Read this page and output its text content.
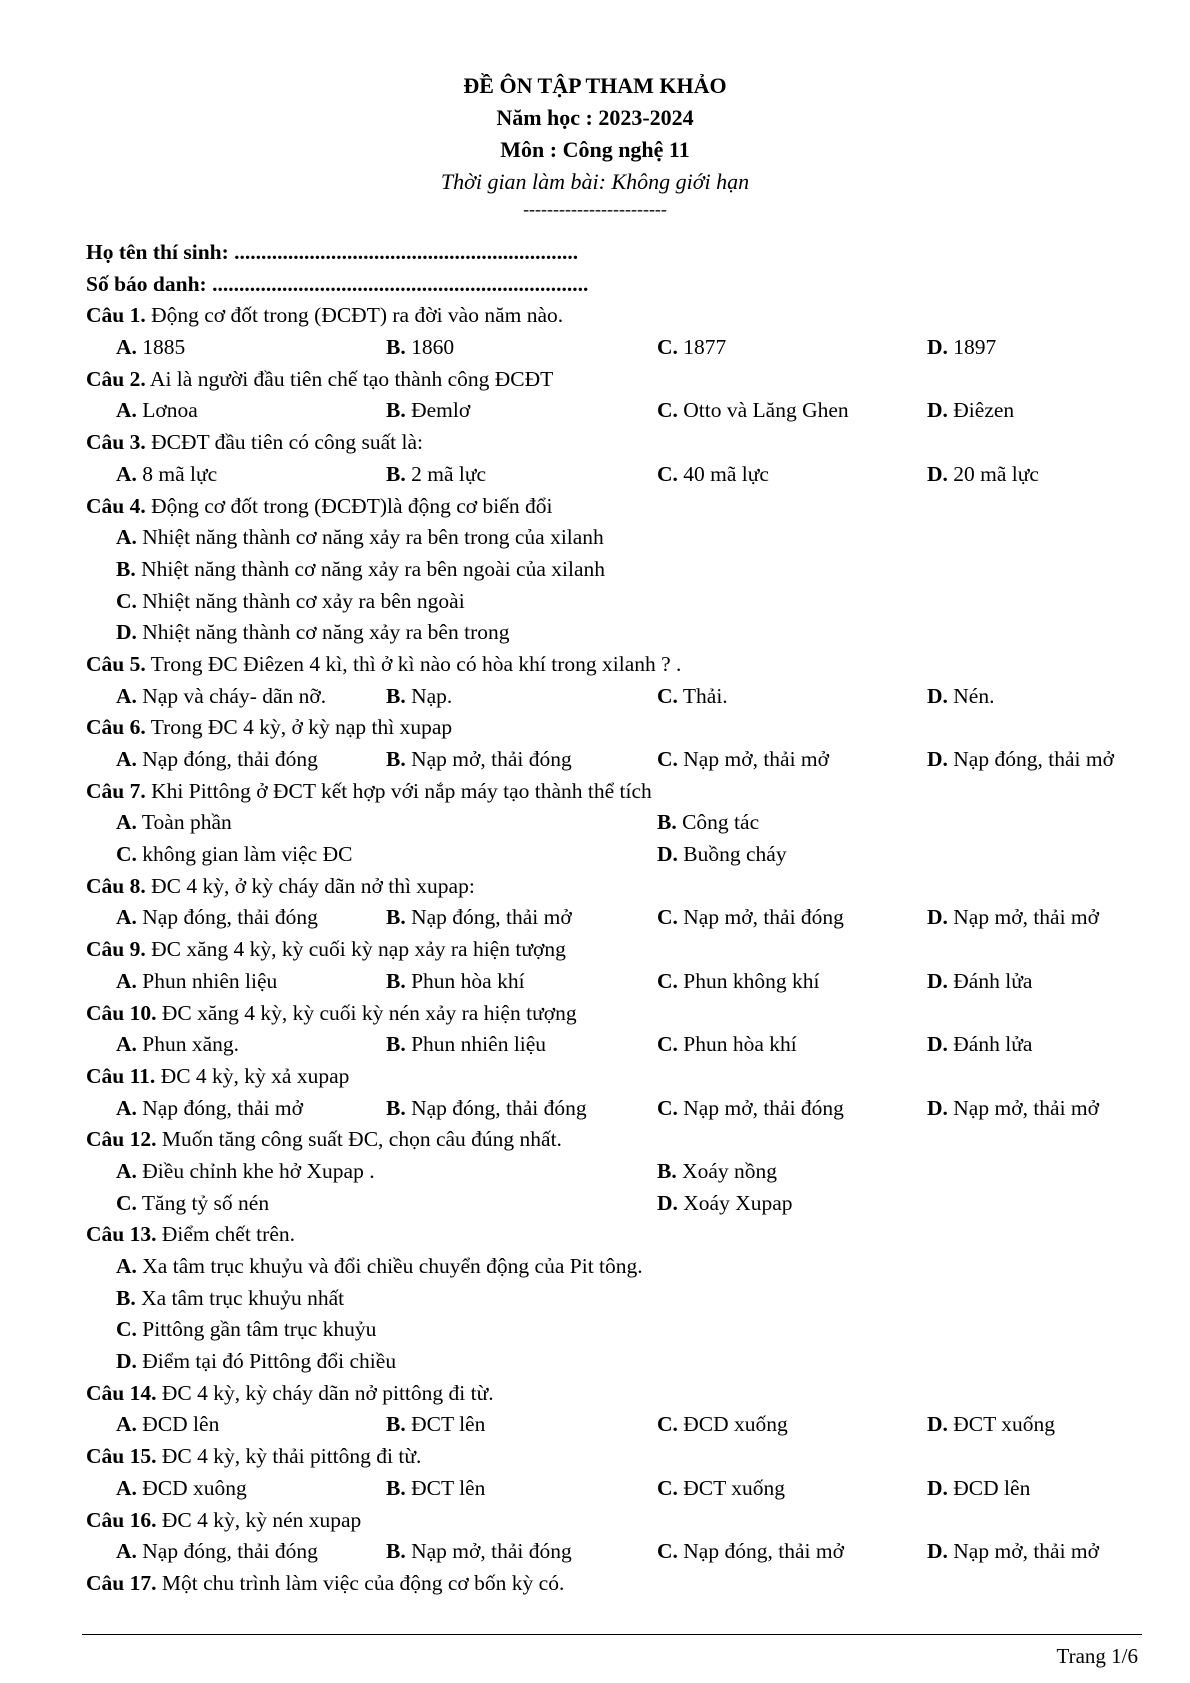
ĐỀ ÔN TẬP THAM KHẢO
Năm học : 2023-2024
Môn : Công nghệ 11
Thời gian làm bài: Không giới hạn
------------------------
Họ tên thí sinh: ................................................................
Số báo danh: ......................................................................
Câu 1. Động cơ đốt trong (ĐCĐT) ra đời vào năm nào.
A. 1885	B. 1860	C. 1877	D. 1897
Câu 2. Ai là người đầu tiên chế tạo thành công ĐCĐT
A. Lơnoa	B. Đemlơ	C. Otto và Lăng Ghen	D. Điêzen
Câu 3. ĐCĐT đầu tiên có công suất là:
A. 8 mã lực	B. 2 mã lực	C. 40 mã lực	D. 20 mã lực
Câu 4. Động cơ đốt trong (ĐCĐT)là động cơ biến đổi
A. Nhiệt năng thành cơ năng xảy ra bên trong của xilanh
B. Nhiệt năng thành cơ năng xảy ra bên ngoài của xilanh
C. Nhiệt năng thành cơ xảy ra bên ngoài
D. Nhiệt năng thành cơ năng xảy ra bên trong
Câu 5. Trong ĐC Điêzen 4 kì, thì ở kì nào có hòa khí trong xilanh ? .
A. Nạp và cháy- dãn nỡ.	B. Nạp.	C. Thải.	D. Nén.
Câu 6. Trong ĐC 4 kỳ, ở kỳ nạp thì xupap
A. Nạp đóng, thải đóng	B. Nạp mở, thải đóng	C. Nạp mở, thải mở	D. Nạp đóng, thải mở
Câu 7. Khi Pittông ở ĐCT kết hợp với nắp máy tạo thành thể tích
A. Toàn phần	B. Công tác
C. không gian làm việc ĐC	D. Buồng cháy
Câu 8. ĐC 4 kỳ, ở kỳ cháy dãn nở thì xupap:
A. Nạp đóng, thải đóng	B. Nạp đóng, thải mở	C. Nạp mở, thải đóng	D. Nạp mở, thải mở
Câu 9. ĐC xăng 4 kỳ, kỳ cuối kỳ nạp xảy ra hiện tượng
A. Phun nhiên liệu	B. Phun hòa khí	C. Phun không khí	D. Đánh lửa
Câu 10. ĐC xăng 4 kỳ, kỳ cuối kỳ nén xảy ra hiện tượng
A. Phun xăng.	B. Phun nhiên liệu	C. Phun hòa khí	D. Đánh lửa
Câu 11. ĐC 4 kỳ, kỳ xả xupap
A. Nạp đóng, thải mở	B. Nạp đóng, thải đóng	C. Nạp mở, thải đóng	D. Nạp mở, thải mở
Câu 12. Muốn tăng công suất ĐC, chọn câu đúng nhất.
A. Điều chỉnh khe hở Xupap .	B. Xoáy nồng
C. Tăng tỷ số nén	D. Xoáy Xupap
Câu 13. Điểm chết trên.
A. Xa tâm trục khuỷu và đổi chiều chuyển động của Pit tông.
B. Xa tâm trục khuỷu nhất
C. Pittông gần tâm trục khuỷu
D. Điểm tại đó Pittông đổi chiều
Câu 14. ĐC 4 kỳ, kỳ cháy dãn nở pittông đi từ.
A. ĐCD lên	B. ĐCT lên	C. ĐCD xuống	D. ĐCT xuống
Câu 15. ĐC 4 kỳ, kỳ thải pittông đi từ.
A. ĐCD xuông	B. ĐCT lên	C. ĐCT xuống	D. ĐCD lên
Câu 16. ĐC 4 kỳ, kỳ nén xupap
A. Nạp đóng, thải đóng	B. Nạp mở, thải đóng	C. Nạp đóng, thải mở	D. Nạp mở, thải mở
Câu 17. Một chu trình làm việc của động cơ bốn kỳ có.
Trang 1/6
